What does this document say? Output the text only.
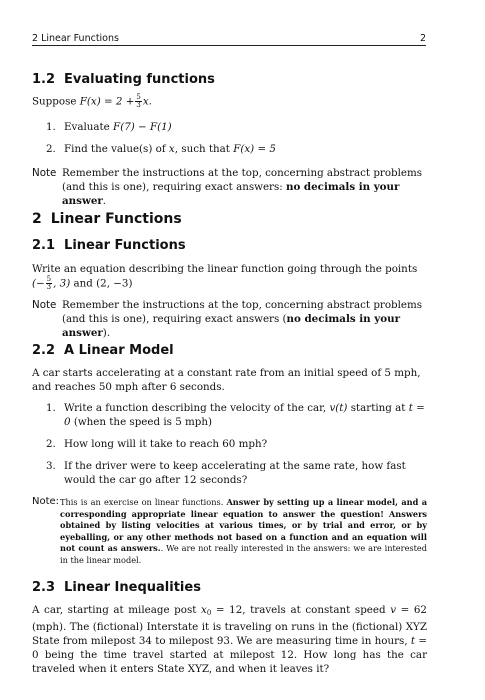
2 Linear Functions	2
1.2 Evaluating functions
Suppose $F(x) = 2 + \frac{5}{3} x$.
1. Evaluate F(7) − F(1)
2. Find the value(s) of x, such that F(x) = 5
Note Remember the instructions at the top, concerning abstract problems (and this is one), requiring exact answers: no decimals in your answer.
2 Linear Functions
2.1 Linear Functions
Write an equation describing the linear function going through the points (− $\frac{5}{3}$ , 3) and (2, −3)
Note Remember the instructions at the top, concerning abstract problems (and this is one), requiring exact answers (no decimals in your answer).
2.2 A Linear Model
A car starts accelerating at a constant rate from an initial speed of 5 mph, and reaches 50 mph after 6 seconds.
1. Write a function describing the velocity of the car, v(t) starting at t = 0 (when the speed is 5 mph)
2. How long will it take to reach 60 mph?
3. If the driver were to keep accelerating at the same rate, how fast would the car go after 12 seconds?
Note: This is an exercise on linear functions. Answer by setting up a linear model, and a corresponding appropriate linear equation to answer the question! Answers obtained by listing velocities at various times, or by trial and error, or by eyeballing, or any other methods not based on a function and an equation will not count as answers.. We are not really interested in the answers: we are interested in the linear model.
2.3 Linear Inequalities
A car, starting at mileage post $x_0 = 12$, travels at constant speed v = 62 (mph). The (fictional) Interstate it is traveling on runs in the (fictional) XYZ State from milepost 34 to milepost 93. We are measuring time in hours, t = 0 being the time travel started at milepost 12. How long has the car traveled when it enters State XYZ, and when it leaves it?
